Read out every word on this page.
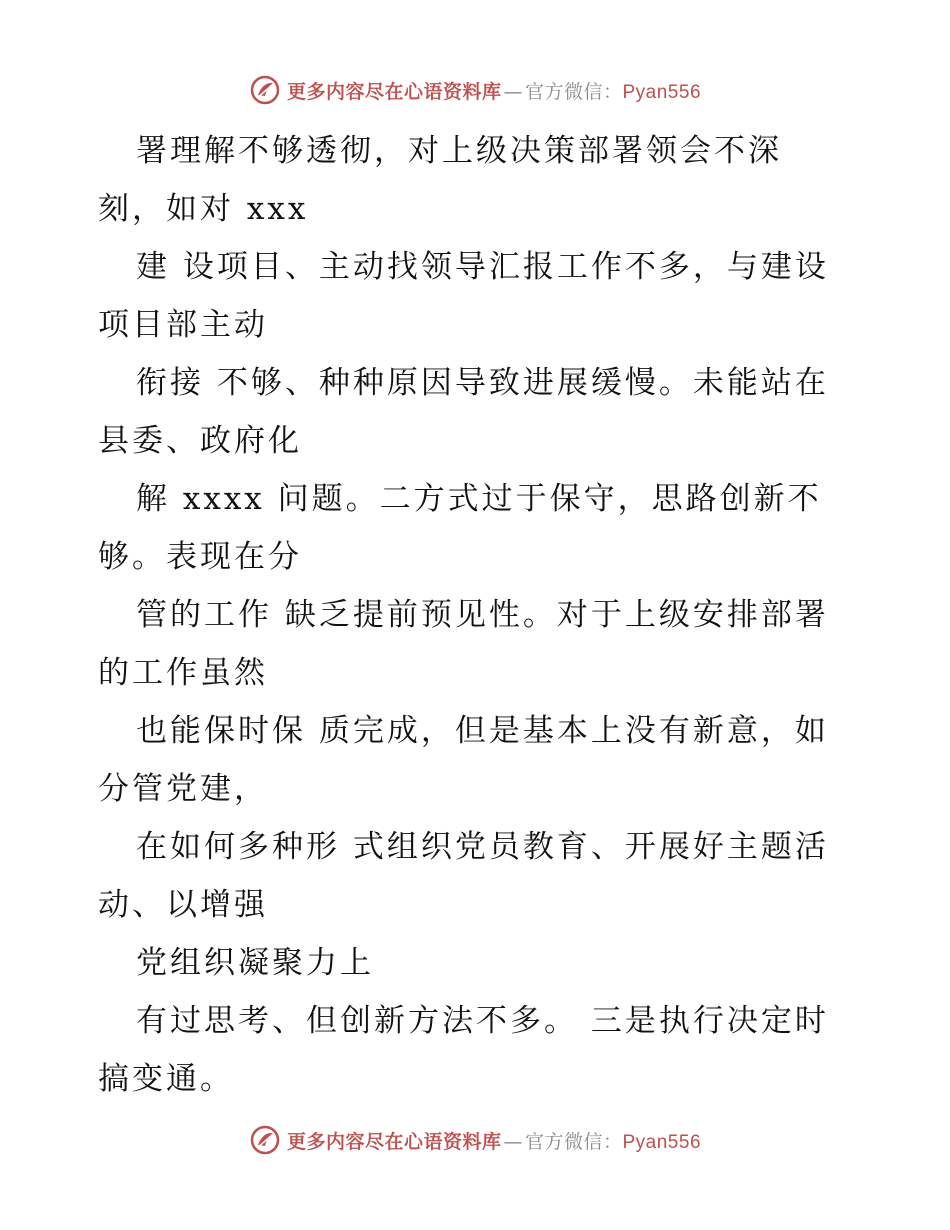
更多内容尽在心语资料库 — 官方微信：Pyan556

署理解不够透彻，对上级决策部署领会不深刻，如对 xxx

建 设项目、主动找领导汇报工作不多，与建设项目部主动

衔接 不够、种种原因导致进展缓慢。未能站在县委、政府化

解 xxxx 问题。二方式过于保守，思路创新不够。表现在分

管的工作 缺乏提前预见性。对于上级安排部署的工作虽然

也能保时保 质完成，但是基本上没有新意，如分管党建，

在如何多种形 式组织党员教育、开展好主题活动、以增强

党组织凝聚力上

有过思考、但创新方法不多。 三是执行决定时搞变通。

更多内容尽在心语资料库 — 官方微信：Pyan556
